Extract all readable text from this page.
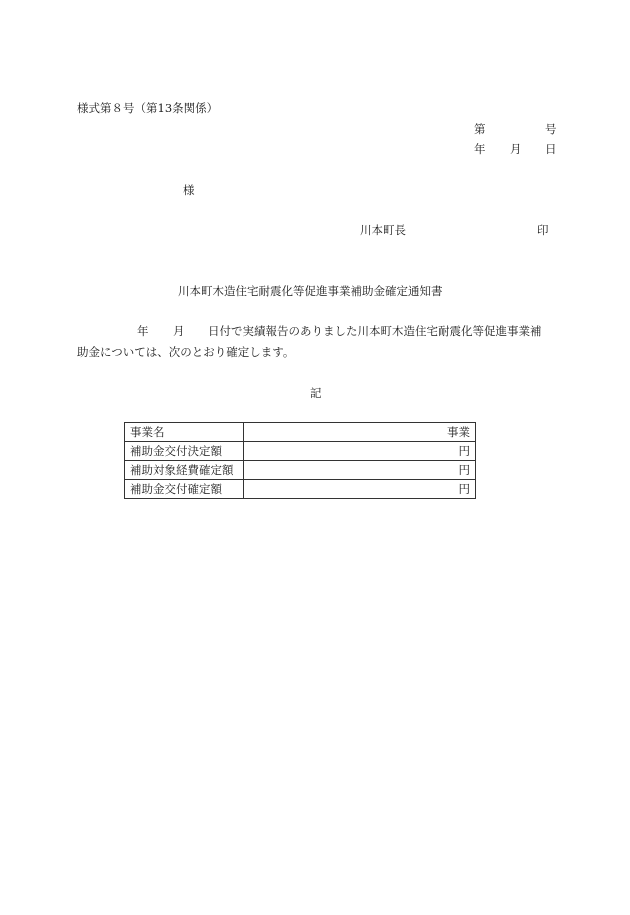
様式第８号（第13条関係）
第	号
年 月 日
様
川本町長	印
川本町木造住宅耐震化等促進事業補助金確定通知書
年 月 日付で実績報告のありました川本町木造住宅耐震化等促進事業補
助金については、次のとおり確定します。
記
事業名	事業
補助金交付決定額	円
補助対象経費確定額	円
補助金交付確定額	円
